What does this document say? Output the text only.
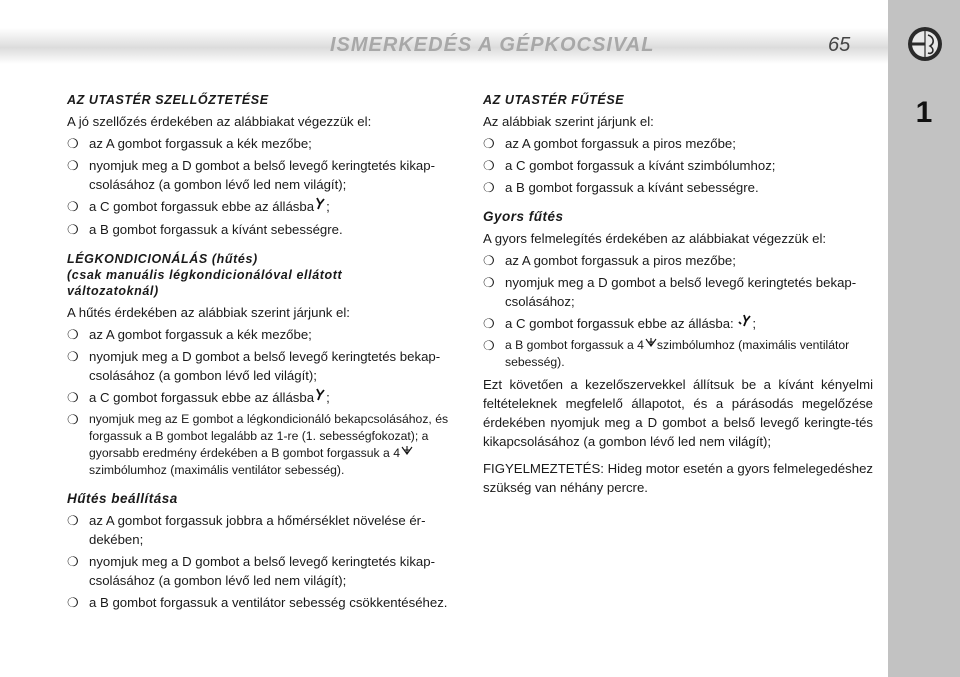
ISMERKEDÉS A GÉPKOCSIVAL	65
1
AZ UTASTÉR SZELLŐZTETÉSE

A jó szellőzés érdekében az alábbiakat végezzük el:

❍ az A gombot forgassuk a kék mezőbe;
❍ nyomjuk meg a D gombot a belső levegő keringtetés kikap-csolásához (a gombon lévő led nem világít);
❍ a C gombot forgassuk ebbe az állásba ;
❍ a B gombot forgassuk a kívánt sebességre.
LÉGKONDICIONÁLÁS (hűtés)
(csak manuális légkondicionálóval ellátott
változatoknál)

A hűtés érdekében az alábbiak szerint járjunk el:

❍ az A gombot forgassuk a kék mezőbe;
❍ nyomjuk meg a D gombot a belső levegő keringtetés bekap-csolásához (a gombon lévő led világít);
❍ a C gombot forgassuk ebbe az állásba ;
❍ nyomjuk meg az E gombot a légkondicionáló bekapcsolásához, és forgassuk a B gombot legalább az 1-re (1. sebességfokozat); a gyorsabb eredmény érdekében a B gombot forgassuk a 4
szimbólumhoz (maximális ventilátor sebesség).
Hűtés beállítása
❍ az A gombot forgassuk jobbra a hőmérséklet növelése ér-dekében;
❍ nyomjuk meg a D gombot a belső levegő keringtetés kikap-csolásához (a gombon lévő led nem világít);
❍ a B gombot forgassuk a ventilátor sebesség csökkentéséhez.
AZ UTASTÉR FŰTÉSE

Az alábbiak szerint járjunk el:

❍ az A gombot forgassuk a piros mezőbe;
❍ a C gombot forgassuk a kívánt szimbólumhoz;
❍ a B gombot forgassuk a kívánt sebességre.
Gyors fűtés

A gyors felmelegítés érdekében az alábbiakat végezzük el:

❍ az A gombot forgassuk a piros mezőbe;
❍ nyomjuk meg a D gombot a belső levegő keringtetés bekap-csolásához;
❍ a C gombot forgassuk ebbe az állásba: ;
❍ a B gombot forgassuk a 4 szimbólumhoz (maximális ventilátor sebesség).

Ezt követően a kezelőszervekkel állítsuk be a kívánt kényelmi feltételeknek megfelelő állapotot, és a párásodás megelőzése érdekében nyomjuk meg a D gombot a belső levegő keringte-tés kikapcsolásához (a gombon lévő led nem világít);

FIGYELMEZTETÉS: Hideg motor esetén a gyors felmelegedéshez szükség van néhány percre.
